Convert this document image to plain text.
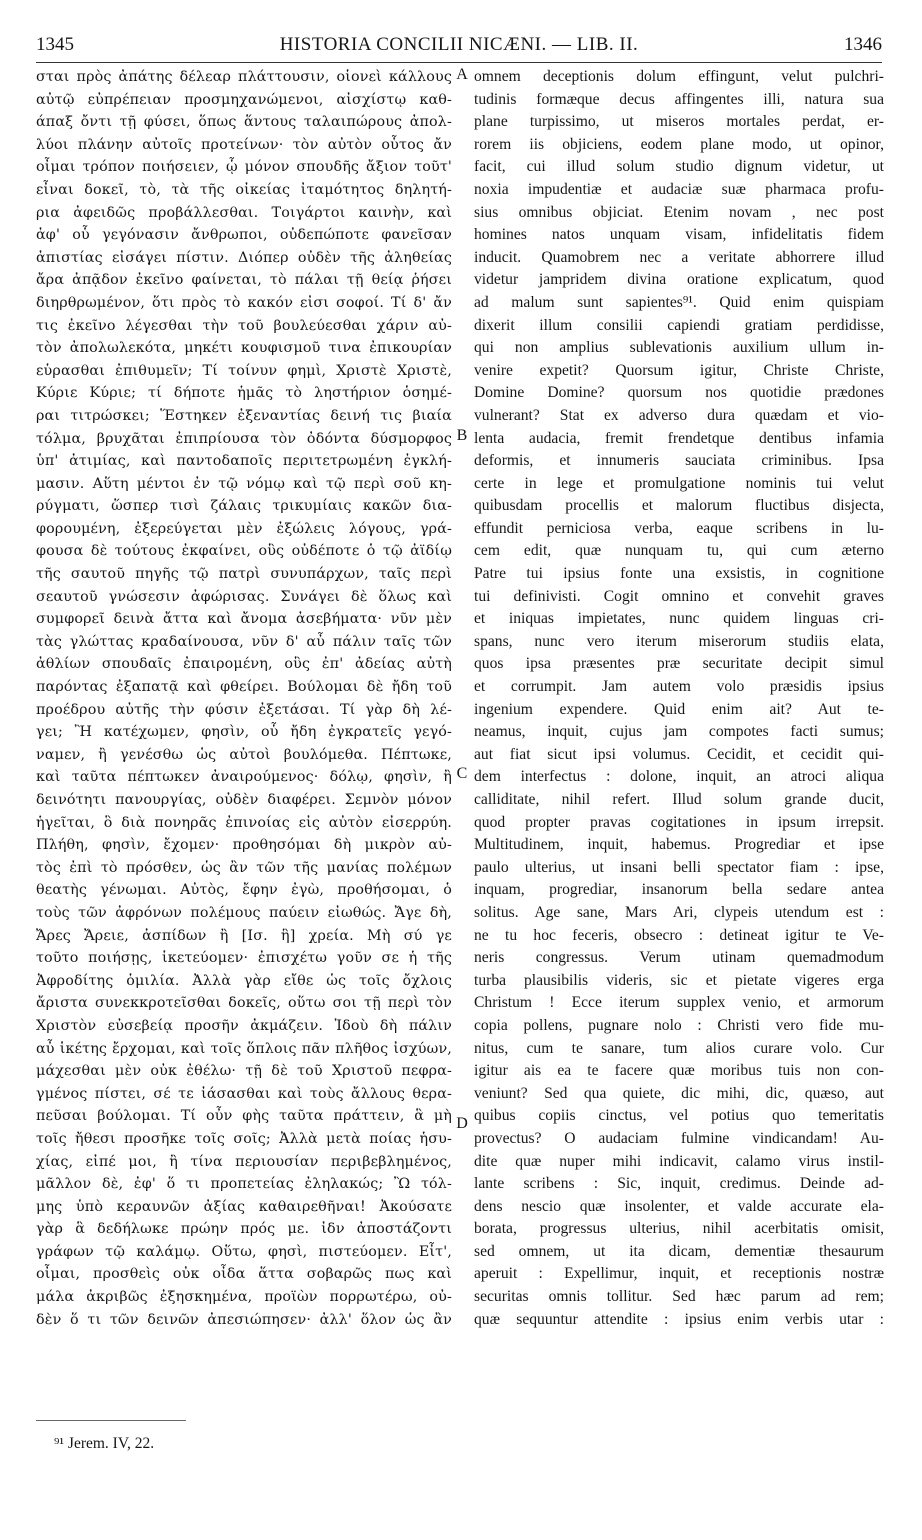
1345	HISTORIA CONCILII NICÆNI. — LIB. II.	1346
σται πρὸς ἀπάτης δέλεαρ πλάττουσιν, οἱονεὶ κάλλους
αὐτῷ εὐπρέπειαν προσμηχανώμενοι, αἰσχίστῳ καθ-
άπαξ ὄντι τῇ φύσει, ὅπως ἅντους ταλαιπώρους ἀπολ-
λύοι πλάνην αὐτοῖς προτείνων· τὸν αὐτὸν οὗτος ἄν
οἶμαι τρόπον ποιήσειεν, ᾧ μόνον σπουδῆς ἄξιον τοῦτ'
εἶναι δοκεῖ, τὸ, τὰ τῆς οἰκείας ἰταμότητος δηλητή-
ρια ἀφειδῶς προβάλλεσθαι. Τοιγάρτοι καινὴν, καὶ
ἀφ' οὗ γεγόνασιν ἄνθρωποι, οὐδεπώποτε φανεῖσαν
ἀπιστίας εἰσάγει πίστιν. Διόπερ οὐδὲν τῆς ἀληθείας
ἄρα ἀπᾷδον ἐκεῖνο φαίνεται, τὸ πάλαι τῇ θείᾳ ῥήσει
διηρθρωμένον, ὅτι πρὸς τὸ κακόν εἰσι σοφοί. Τί δ' ἄν
τις ἐκεῖνο λέγεσθαι τὴν τοῦ βουλεύεσθαι χάριν αὐ-
τὸν ἀπολωλεκότα, μηκέτι κουφισμοῦ τινα ἐπικουρίαν
εὑρασθαι ἐπιθυμεῖν; Τί τοίνυν φημὶ, Χριστὲ Χριστὲ,
Κύριε Κύριε; τί δήποτε ἡμᾶς τὸ ληστήριον ὁσημέ-
ραι τιτρώσκει; Ἕστηκεν ἐξεναντίας δεινή τις βιαία
τόλμα, βρυχᾶται ἐπιπρίουσα τὸν ὀδόντα δύσμορφος
ὑπ' ἀτιμίας, καὶ παντοδαποῖς περιτετρωμένη ἐγκλή-
μασιν. Αὕτη μέντοι ἐν τῷ νόμῳ καὶ τῷ περὶ σοῦ κη-
ρύγματι, ὥσπερ τισὶ ζάλαις τρικυμίαις κακῶν δια-
φορουμένη, ἐξερεύγεται μὲν ἐξώλεις λόγους, γρά-
φουσα δὲ τούτους ἐκφαίνει, οὓς οὐδέποτε ὁ τῷ ἀϊδίῳ
τῆς σαυτοῦ πηγῆς τῷ πατρὶ συνυπάρχων, ταῖς περὶ
σεαυτοῦ γνώσεσιν ἀφώρισας. Συνάγει δὲ ὅλως καὶ
συμφορεῖ δεινὰ ἄττα καὶ ἄνομα ἀσεβήματα· νῦν μὲν
τὰς γλώττας κραδαίνουσα, νῦν δ' αὖ πάλιν ταῖς τῶν
ἀθλίων σπουδαῖς ἐπαιρομένη, οὓς ἐπ' ἀδείας αὐτὴ
παρόντας ἐξαπατᾷ καὶ φθείρει. Βούλομαι δὲ ἤδη τοῦ
προέδρου αὐτῆς τὴν φύσιν ἐξετάσαι. Τί γὰρ δὴ λέ-
γει; Ἢ κατέχωμεν, φησὶν, οὗ ἤδη ἐγκρατεῖς γεγό-
ναμεν, ἢ γενέσθω ὡς αὐτοὶ βουλόμεθα. Πέπτωκε,
καὶ ταῦτα πέπτωκεν ἀναιρούμενος· δόλῳ, φησὶν, ἢ
δεινότητι πανουργίας, οὐδὲν διαφέρει. Σεμνὸν μόνον
ἡγεῖται, ὃ διὰ πονηρᾶς ἐπινοίας εἰς αὐτὸν εἰσερρύη.
Πλήθη, φησὶν, ἔχομεν· προθησόμαι δὴ μικρὸν αὐ-
τὸς ἐπὶ τὸ πρόσθεν, ὡς ἂν τῶν τῆς μανίας πολέμων
θεατὴς γένωμαι. Αὐτὸς, ἔφην ἐγὼ, προθήσομαι, ὁ
τοὺς τῶν ἀφρόνων πολέμους παύειν εἰωθώς. Ἄγε δὴ,
Ἄρες Ἄρειε, ἀσπίδων ἢ [Ισ. ἣ] χρεία. Μὴ σύ γε
τοῦτο ποιήσῃς, ἱκετεύομεν· ἐπισχέτω γοῦν σε ἡ τῆς
Ἀφροδίτης ὁμιλία. Ἀλλὰ γὰρ εἴθε ὡς τοῖς ὄχλοις
ἄριστα συνεκκροτεῖσθαι δοκεῖς, οὕτω σοι τῇ περὶ τὸν
Χριστὸν εὐσεβείᾳ προσῆν ἀκμάζειν. Ἰδοὺ δὴ πάλιν
αὖ ἱκέτης ἔρχομαι, καὶ τοῖς ὅπλοις πᾶν πλῆθος ἰσχύων,
μάχεσθαι μὲν οὐκ ἐθέλω· τῇ δὲ τοῦ Χριστοῦ πεφρα-
γμένος πίστει, σέ τε ἰάσασθαι καὶ τοὺς ἄλλους θερα-
πεῦσαι βούλομαι. Τί οὖν φὴς ταῦτα πράττειν, ἃ μὴ
τοῖς ἤθεσι προσῆκε τοῖς σοῖς; Ἀλλὰ μετὰ ποίας ἡσυ-
χίας, εἰπέ μοι, ἢ τίνα περιουσίαν περιβεβλημένος,
μᾶλλον δὲ, ἐφ' ὅ τι προπετείας ἐληλακώς; Ὢ τόλ-
μης ὑπὸ κεραυνῶν ἀξίας καθαιρεθῆναι! Ἀκούσατε
γὰρ ἃ δεδήλωκε πρώην πρός με. ἰδν ἀποστάζοντι
γράφων τῷ καλάμῳ. Οὕτω, φησὶ, πιστεύομεν. Εἶτ',
οἶμαι, προσθεὶς οὐκ οἶδα ἅττα σοβαρῶς πως καὶ
μάλα ἀκριβῶς ἐξησκημένα, προϊὼν πορρωτέρω, οὐ-
δὲν ὅ τι τῶν δεινῶν ἀπεσιώπησεν· ἀλλ' ὅλον ὡς ἂν
omnem deceptionis dolum effingunt, velut pulchri-
tudinis formæque decus affingentes illi, natura sua
plane turpissimo, ut miseros mortales perdat, er-
rorem iis objiciens, eodem plane modo, ut opinor,
facit, cui illud solum studio dignum videtur, ut
noxia impudentiæ et audaciæ suæ pharmaca profu-
sius omnibus objiciat. Etenim novam , nec post
homines natos unquam visam, infidelitatis fidem
inducit. Quamobrem nec a veritate abhorrere illud
videtur jampridem divina oratione explicatum, quod
ad malum sunt sapientes⁹¹. Quid enim quispiam
dixerit illum consilii capiendi gratiam perdidisse,
qui non amplius sublevationis auxilium ullum in-
venire expetit? Quorsum igitur, Christe Christe,
Domine Domine? quorsum nos quotidie prædones
vulnerant? Stat ex adverso dura quædam et vio-
lenta audacia, fremit frendetque dentibus infamia
deformis, et innumeris sauciata criminibus. Ipsa
certe in lege et promulgatione nominis tui velut
quibusdam procellis et malorum fluctibus disjecta,
effundit perniciosa verba, eaque scribens in lu-
cem edit, quæ nunquam tu, qui cum æterno
Patre tui ipsius fonte una exsistis, in cognitione
tui definivisti. Cogit omnino et convehit graves
et iniquas impietates, nunc quidem linguas cri-
spans, nunc vero iterum miserorum studiis elata,
quos ipsa præsentes præ securitate decipit simul
et corrumpit. Jam autem volo præsidis ipsius
ingenium expendere. Quid enim ait? Aut te-
neamus, inquit, cujus jam compotes facti sumus;
aut fiat sicut ipsi volumus. Cecidit, et cecidit qui-
dem interfectus : dolone, inquit, an atroci aliqua
calliditate, nihil refert. Illud solum grande ducit,
quod propter pravas cogitationes in ipsum irrepsit.
Multitudinem, inquit, habemus. Progrediar et ipse
paulo ulterius, ut insani belli spectator fiam : ipse,
inquam, progrediar, insanorum bella sedare antea
solitus. Age sane, Mars Ari, clypeis utendum est :
ne tu hoc feceris, obsecro : detineat igitur te Ve-
neris congressus. Verum utinam quemadmodum
turba plausibilis videris, sic et pietate vigeres erga
Christum ! Ecce iterum supplex venio, et armorum
copia pollens, pugnare nolo : Christi vero fide mu-
nitus, cum te sanare, tum alios curare volo. Cur
igitur ais ea te facere quæ moribus tuis non con-
veniunt? Sed qua quiete, dic mihi, dic, quæso, aut
quibus copiis cinctus, vel potius quo temeritatis
provectus? O audaciam fulmine vindicandam! Au-
dite quæ nuper mihi indicavit, calamo virus instil-
lante scribens : Sic, inquit, credimus. Deinde ad-
dens nescio quæ insolenter, et valde accurate ela-
borata, progressus ulterius, nihil acerbitatis omisit,
sed omnem, ut ita dicam, dementiæ thesaurum
aperuit : Expellimur, inquit, et receptionis nostræ
securitas omnis tollitur. Sed hæc parum ad rem;
quæ sequuntur attendite : ipsius enim verbis utar :
A
B
C
D
⁹¹ Jerem. IV, 22.
